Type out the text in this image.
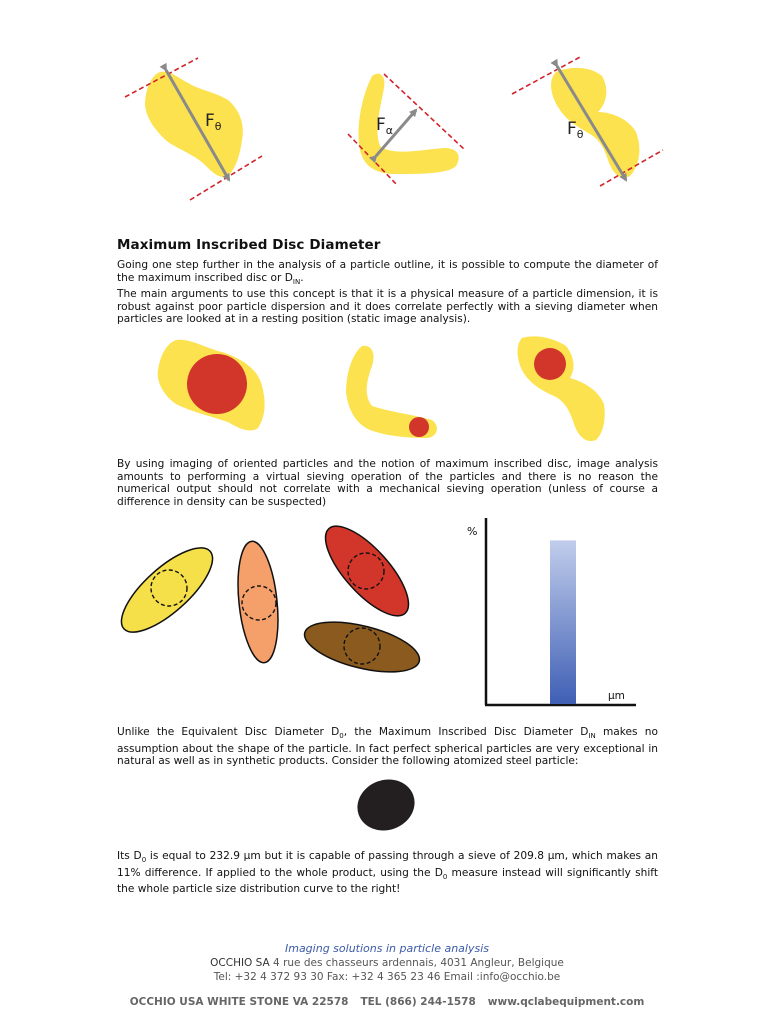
$F_\theta$	$F_\alpha$	$F_\theta$
Maximum Inscribed Disc Diameter

Going one step further in the analysis of a particle outline, it is possible to compute the diameter of the maximum inscribed disc or $D_{IN}$.

The main arguments to use this concept is that it is a physical measure of a particle dimension, it is robust against poor particle dispersion and it does correlate perfectly with a sieving diameter when particles are looked at in a resting position (static image analysis).

By using imaging of oriented particles and the notion of maximum inscribed disc, image analysis amounts to performing a virtual sieving operation of the particles and there is no reason the numerical output should not correlate with a mechanical sieving operation (unless of course a difference in density can be suspected)
%
µm

Unlike the Equivalent Disc Diameter $D_0$, the Maximum Inscribed Disc Diameter $D_{IN}$ makes no assumption about the shape of the particle. In fact perfect spherical particles are very exceptional in natural as well as in synthetic products. Consider the following atomized steel particle:

Its $D_0$ is equal to 232.9 µm but it is capable of passing through a sieve of 209.8 µm, which makes an 11% difference. If applied to the whole product, using the $D_0$ measure instead will significantly shift the whole particle size distribution curve to the right!

Imaging solutions in particle analysis
OCCHIO SA 4 rue des chasseurs ardennais, 4031 Angleur, Belgique
Tel: +32 4 372 93 30 Fax: +32 4 365 23 46 Email :info@occhio.be
OCCHIO USA WHITE STONE VA 22578 TEL (866) 244-1578 www.qclabequipment.com
